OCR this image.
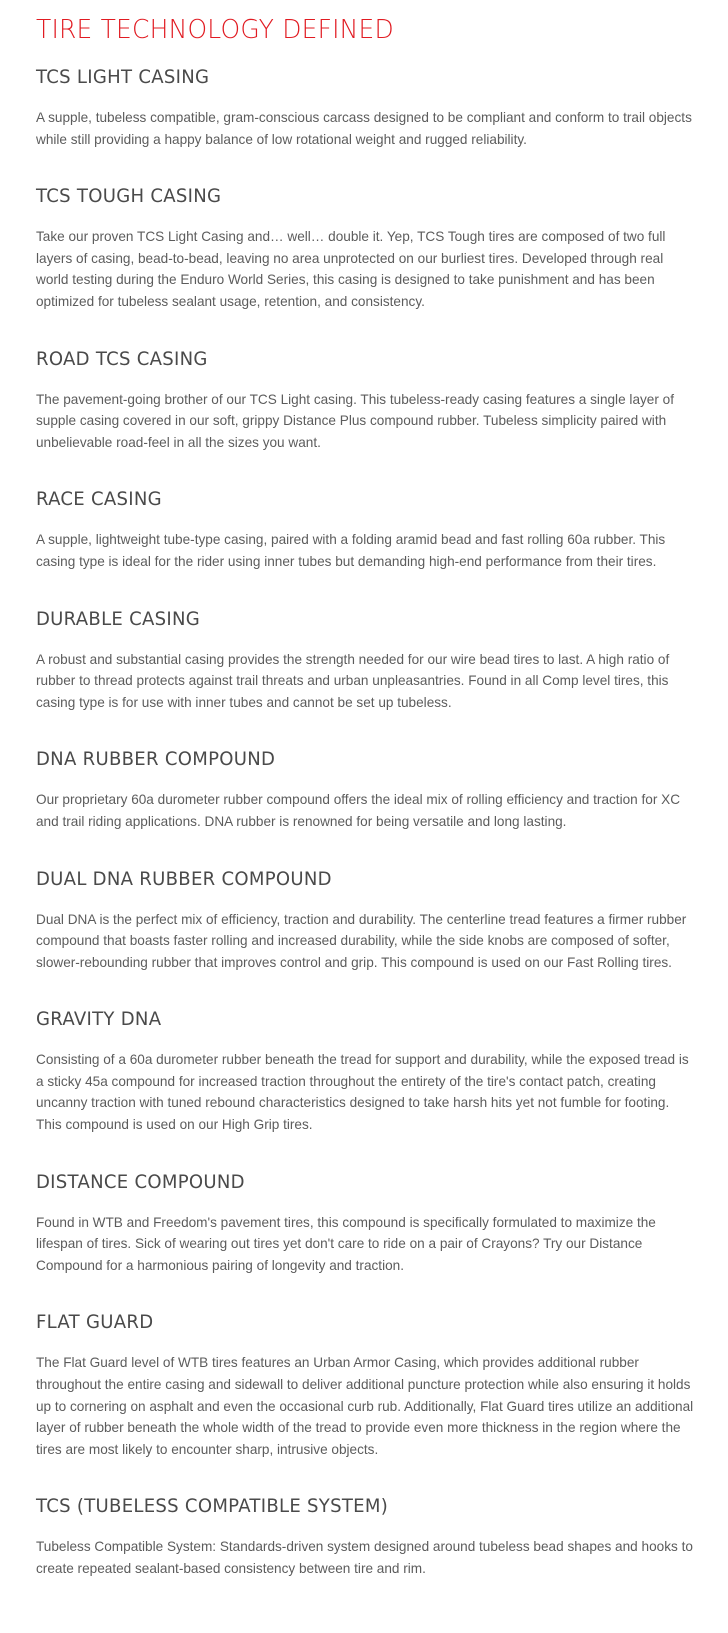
TIRE TECHNOLOGY DEFINED
TCS LIGHT CASING

A supple, tubeless compatible, gram-conscious carcass designed to be compliant and conform to trail objects while still providing a happy balance of low rotational weight and rugged reliability.

TCS TOUGH CASING

Take our proven TCS Light Casing and… well… double it. Yep, TCS Tough tires are composed of two full layers of casing, bead-to-bead, leaving no area unprotected on our burliest tires. Developed through real world testing during the Enduro World Series, this casing is designed to take punishment and has been optimized for tubeless sealant usage, retention, and consistency.

ROAD TCS CASING

The pavement-going brother of our TCS Light casing. This tubeless-ready casing features a single layer of supple casing covered in our soft, grippy Distance Plus compound rubber. Tubeless simplicity paired with unbelievable road-feel in all the sizes you want.

RACE CASING

A supple, lightweight tube-type casing, paired with a folding aramid bead and fast rolling 60a rubber. This casing type is ideal for the rider using inner tubes but demanding high-end performance from their tires.

DURABLE CASING

A robust and substantial casing provides the strength needed for our wire bead tires to last. A high ratio of rubber to thread protects against trail threats and urban unpleasantries. Found in all Comp level tires, this casing type is for use with inner tubes and cannot be set up tubeless.

DNA RUBBER COMPOUND

Our proprietary 60a durometer rubber compound offers the ideal mix of rolling efficiency and traction for XC and trail riding applications. DNA rubber is renowned for being versatile and long lasting.

DUAL DNA RUBBER COMPOUND

Dual DNA is the perfect mix of efficiency, traction and durability. The centerline tread features a firmer rubber compound that boasts faster rolling and increased durability, while the side knobs are composed of softer, slower-rebounding rubber that improves control and grip. This compound is used on our Fast Rolling tires.

GRAVITY DNA

Consisting of a 60a durometer rubber beneath the tread for support and durability, while the exposed tread is a sticky 45a compound for increased traction throughout the entirety of the tire's contact patch, creating uncanny traction with tuned rebound characteristics designed to take harsh hits yet not fumble for footing. This compound is used on our High Grip tires.

DISTANCE COMPOUND

Found in WTB and Freedom's pavement tires, this compound is specifically formulated to maximize the lifespan of tires. Sick of wearing out tires yet don't care to ride on a pair of Crayons? Try our Distance Compound for a harmonious pairing of longevity and traction.

FLAT GUARD

The Flat Guard level of WTB tires features an Urban Armor Casing, which provides additional rubber throughout the entire casing and sidewall to deliver additional puncture protection while also ensuring it holds up to cornering on asphalt and even the occasional curb rub. Additionally, Flat Guard tires utilize an additional layer of rubber beneath the whole width of the tread to provide even more thickness in the region where the tires are most likely to encounter sharp, intrusive objects.

TCS (TUBELESS COMPATIBLE SYSTEM)

Tubeless Compatible System: Standards-driven system designed around tubeless bead shapes and hooks to create repeated sealant-based consistency between tire and rim.
